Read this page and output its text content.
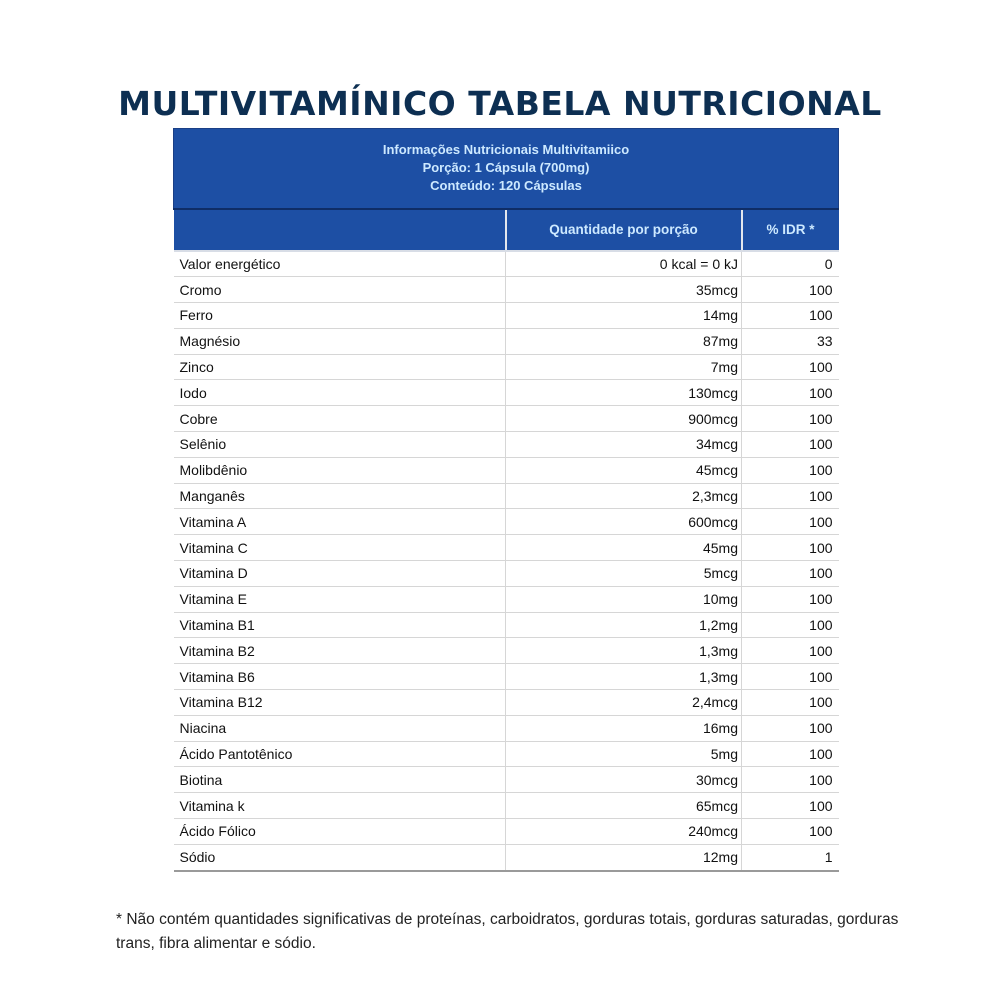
MULTIVITAMÍNICO TABELA NUTRICIONAL
Informações Nutricionais Multivitamiico
Porção: 1 Cápsula (700mg)
Conteúdo: 120 Cápsulas		

	Quantidade por porção	% IDR *
Valor energético	0 kcal = 0 kJ	0
Cromo	35mcg	100
Ferro	14mg	100
Magnésio	87mg	33
Zinco	7mg	100
Iodo	130mcg	100
Cobre	900mcg	100
Selênio	34mcg	100
Molibdênio	45mcg	100
Manganês	2,3mcg	100
Vitamina A	600mcg	100
Vitamina C	45mg	100
Vitamina D	5mcg	100
Vitamina E	10mg	100
Vitamina B1	1,2mg	100
Vitamina B2	1,3mg	100
Vitamina B6	1,3mg	100
Vitamina B12	2,4mcg	100
Niacina	16mg	100
Ácido Pantotênico	5mg	100
Biotina	30mcg	100
Vitamina k	65mcg	100
Ácido Fólico	240mcg	100
Sódio	12mg	1

* Não contém quantidades significativas de proteínas, carboidratos, gorduras totais, gorduras saturadas, gorduras trans, fibra alimentar e sódio.
